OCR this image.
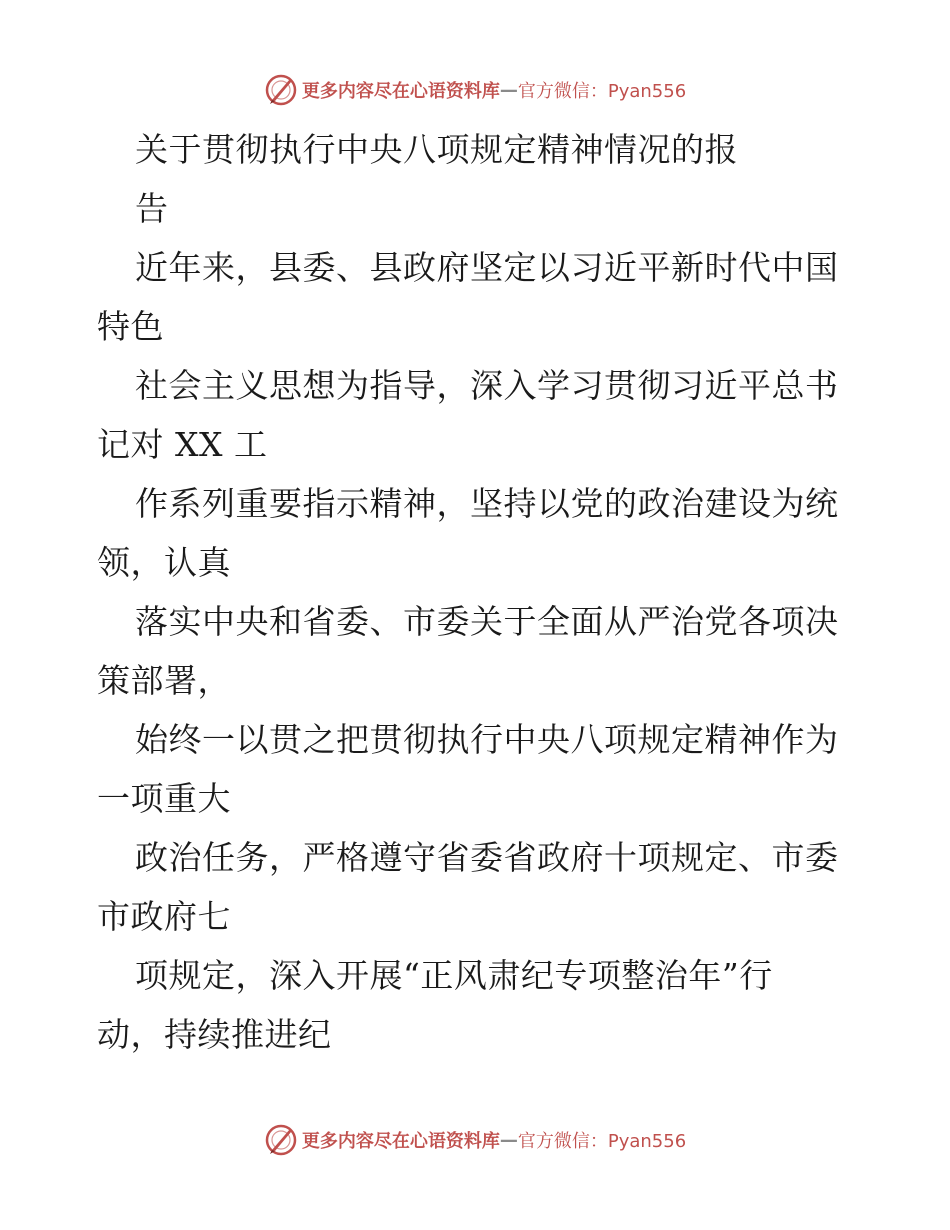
更多内容尽在心语资料库 — 官方微信：Pyan556
关于贯彻执行中央八项规定精神情况的报
告
近年来，县委、县政府坚定以习近平新时代中国
特色
社会主义思想为指导，深入学习贯彻习近平总书
记对 XX 工
作系列重要指示精神，坚持以党的政治建设为统
领，认真
落实中央和省委、市委关于全面从严治党各项决
策部署，
始终一以贯之把贯彻执行中央八项规定精神作为
一项重大
政治任务，严格遵守省委省政府十项规定、市委
市政府七
项规定，深入开展“正风肃纪专项整治年”行
动，持续推进纪
更多内容尽在心语资料库 — 官方微信：Pyan556
